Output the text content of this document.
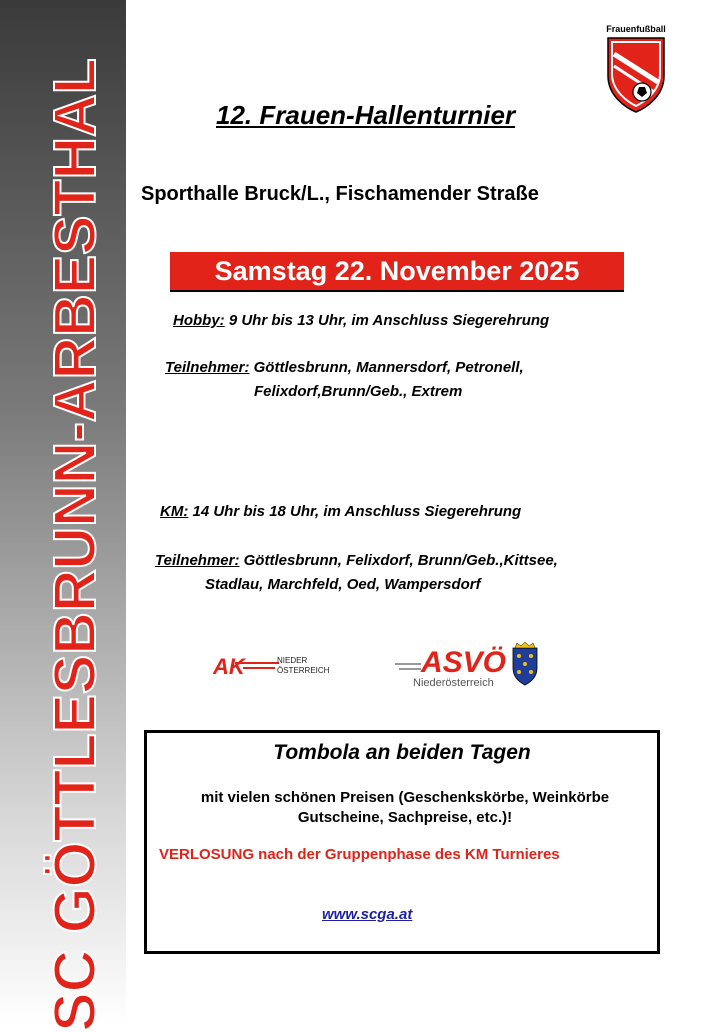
SC GÖTTLESBRUNN-ARBESTHAL
Frauenfußball
12. Frauen-Hallenturnier
Sporthalle Bruck/L., Fischamender Straße
Samstag 22. November 2025
Hobby: 9 Uhr bis 13 Uhr, im Anschluss Siegerehrung
Teilnehmer: Göttlesbrunn, Mannersdorf, Petronell,
Felixdorf,Brunn/Geb., Extrem
KM: 14 Uhr bis 18 Uhr, im Anschluss Siegerehrung
Teilnehmer: Göttlesbrunn, Felixdorf, Brunn/Geb.,Kittsee,
Stadlau, Marchfeld, Oed, Wampersdorf
AK	NIEDER
ÖSTERREICH	ASVÖ
Niederösterreich
Tombola an beiden Tagen
mit vielen schönen Preisen (Geschenkskörbe, Weinkörbe
Gutscheine, Sachpreise, etc.)!
VERLOSUNG nach der Gruppenphase des KM Turnieres
www.scga.at
